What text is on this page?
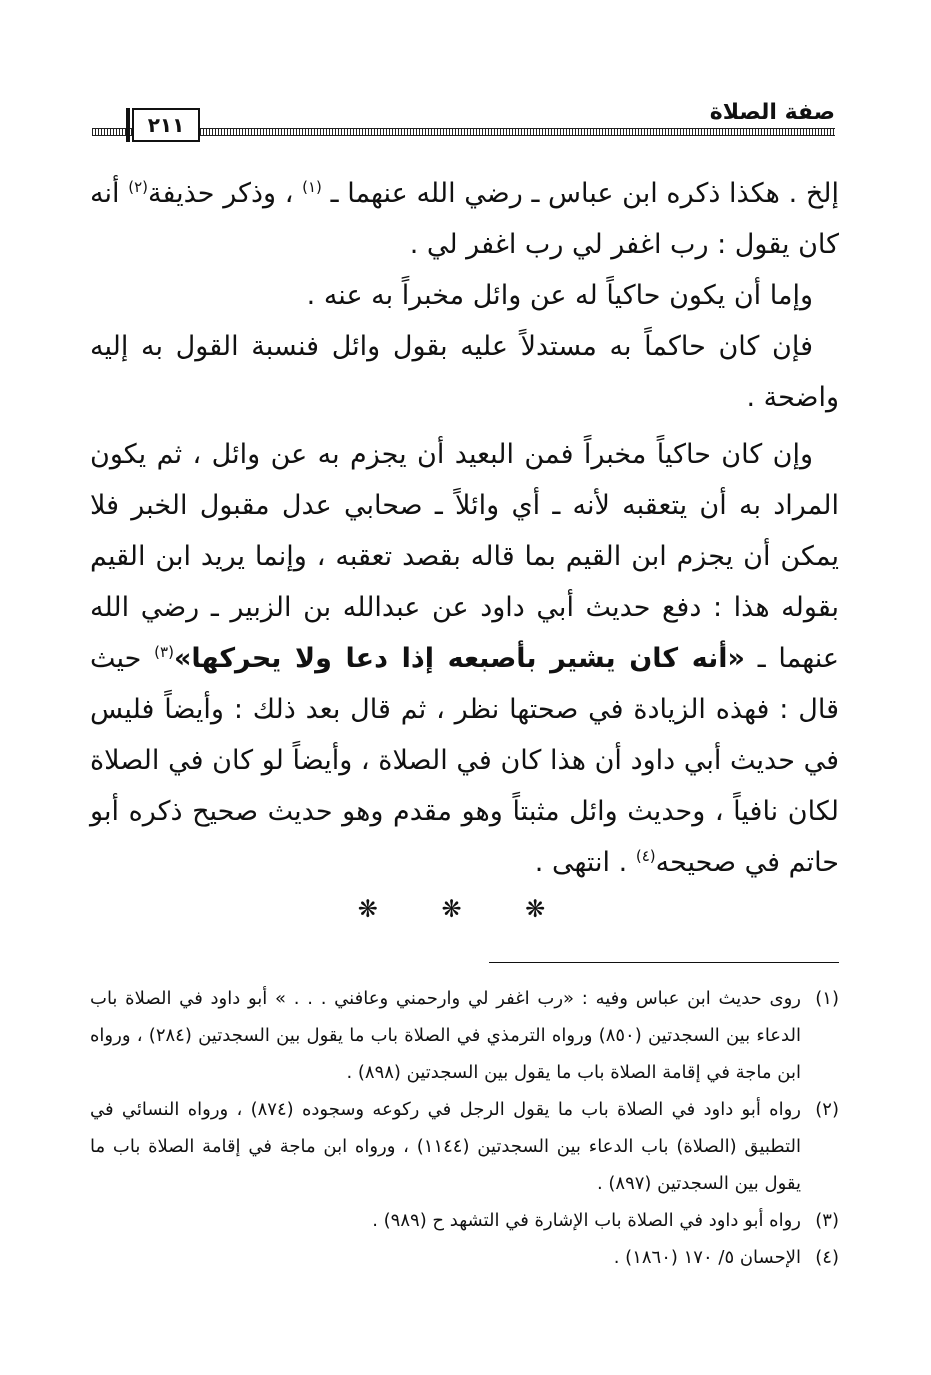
صفة الصلاة
٢١١

إلخ . هكذا ذكره ابن عباس ـ رضي الله عنهما ـ $^{(١)}$ ، وذكر حذيفة$^{(٢)}$ أنه كان يقول : رب اغفر لي رب اغفر لي .

وإما أن يكون حاكياً له عن وائل مخبراً به عنه .

فإن كان حاكماً به مستدلاً عليه بقول وائل فنسبة القول به إليه واضحة .

وإن كان حاكياً مخبراً فمن البعيد أن يجزم به عن وائل ، ثم يكون المراد به أن يتعقبه لأنه ـ أي وائلاً ـ صحابي عدل مقبول الخبر فلا يمكن أن يجزم ابن القيم بما قاله بقصد تعقبه ، وإنما يريد ابن القيم بقوله هذا : دفع حديث أبي داود عن عبدالله بن الزبير ـ رضي الله عنهما ـ «أنه كان يشير بأصبعه إذا دعا ولا يحركها»$^{(٣)}$ حيث قال : فهذه الزيادة في صحتها نظر ، ثم قال بعد ذلك : وأيضاً فليس في حديث أبي داود أن هذا كان في الصلاة ، وأيضاً لو كان في الصلاة لكان نافياً ، وحديث وائل مثبتاً وهو مقدم وهو حديث صحيح ذكره أبو حاتم في صحيحه$^{(٤)}$ . انتهى .

❋ ❋ ❋
(١)
روى حديث ابن عباس وفيه : «رب اغفر لي وارحمني وعافني . . . » أبو داود في الصلاة باب الدعاء بين السجدتين (٨٥٠) ورواه الترمذي في الصلاة باب ما يقول بين السجدتين (٢٨٤) ، ورواه ابن ماجة في إقامة الصلاة باب ما يقول بين السجدتين (٨٩٨) .
(٢)
رواه أبو داود في الصلاة باب ما يقول الرجل في ركوعه وسجوده (٨٧٤) ، ورواه النسائي في التطبيق (الصلاة) باب الدعاء بين السجدتين (١١٤٤) ، ورواه ابن ماجة في إقامة الصلاة باب ما يقول بين السجدتين (٨٩٧) .
(٣)
رواه أبو داود في الصلاة باب الإشارة في التشهد ح (٩٨٩) .
(٤)
الإحسان ٥/ ١٧٠ (١٨٦٠) .
